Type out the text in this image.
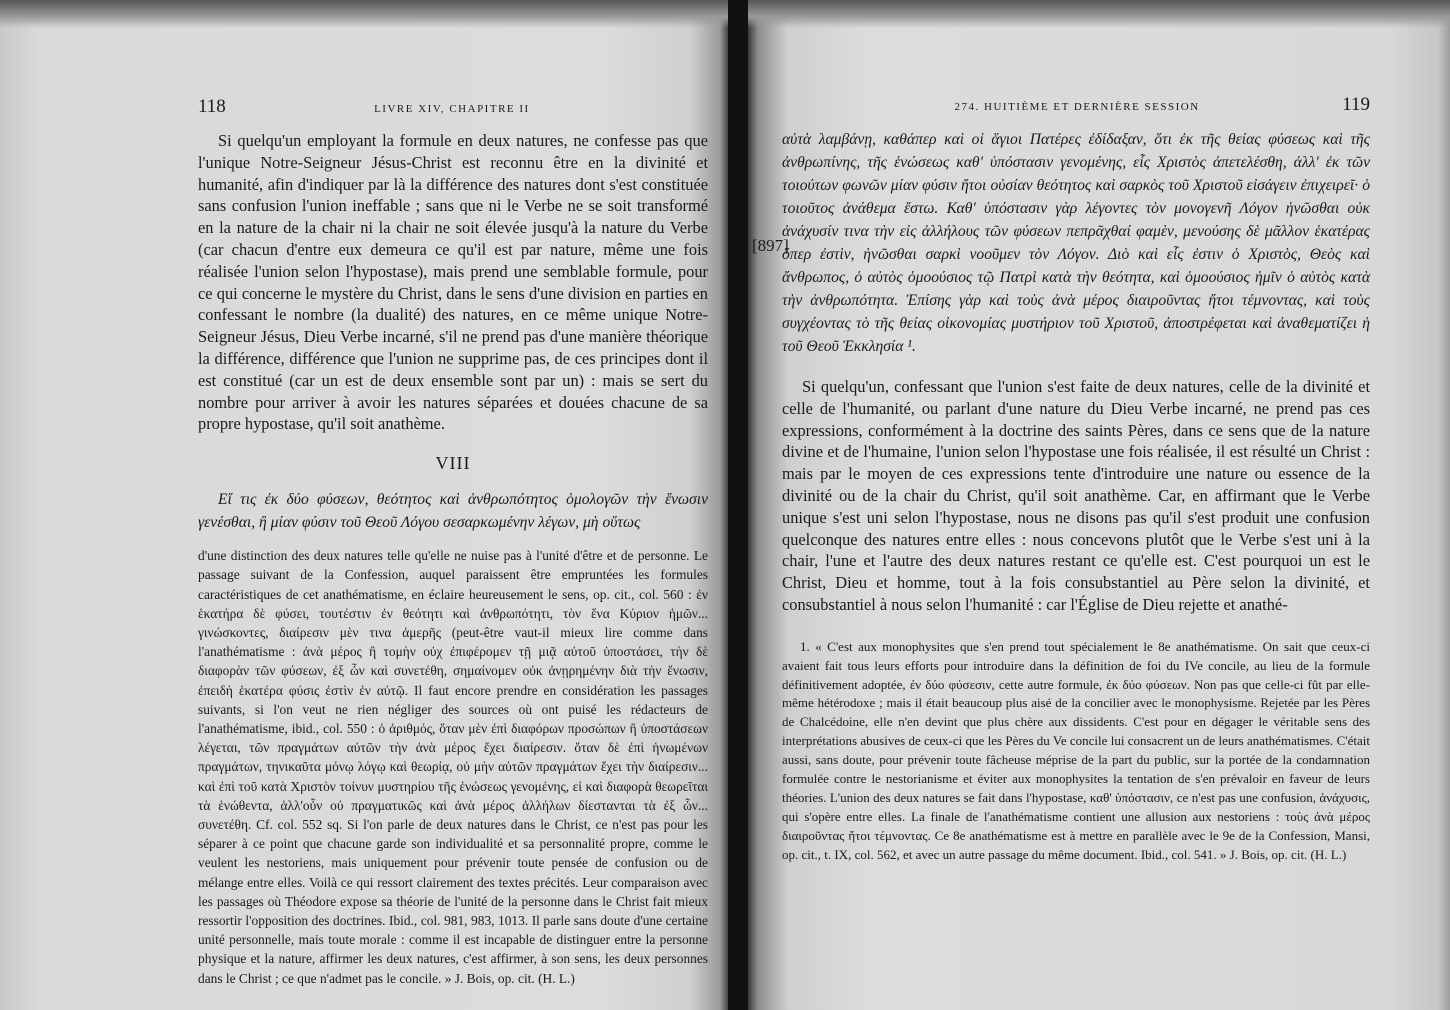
118	LIVRE XIV, CHAPITRE II

Si quelqu'un employant la formule en deux natures, ne confesse pas que l'unique Notre-Seigneur Jésus-Christ est reconnu être en la divinité et humanité, afin d'indiquer par là la différence des natures dont s'est constituée sans confusion l'union ineffable ; sans que ni le Verbe ne se soit transformé en la nature de la chair ni la chair ne soit élevée jusqu'à la nature du Verbe (car chacun d'entre eux demeura ce qu'il est par nature, même une fois réalisée l'union selon l'hypostase), mais prend une semblable formule, pour ce qui concerne le mystère du Christ, dans le sens d'une division en parties en confessant le nombre (la dualité) des natures, en ce même unique Notre-Seigneur Jésus, Dieu Verbe incarné, s'il ne prend pas d'une manière théorique la différence, différence que l'union ne supprime pas, de ces principes dont il est constitué (car un est de deux ensemble sont par un) : mais se sert du nombre pour arriver à avoir les natures séparées et douées chacune de sa propre hypostase, qu'il soit anathème.

VIII

Εἴ τις ἐκ δύο φύσεων, θεότητος καὶ ἀνθρωπότητος ὁμολογῶν τὴν ἕνωσιν γενέσθαι, ἢ μίαν φύσιν τοῦ Θεοῦ Λόγου σεσαρκωμένην λέγων, μὴ οὕτως

d'une distinction des deux natures telle qu'elle ne nuise pas à l'unité d'être et de personne. Le passage suivant de la Confession, auquel paraissent être empruntées les formules caractéristiques de cet anathématisme, en éclaire heureusement le sens, op. cit., col. 560 : ἐν ἑκατήρα δὲ φύσει, τουτέστιν ἐν θεότητι καὶ ἀνθρωπότητι, τὸν ἕνα Κύριον ἡμῶν... γινώσκοντες, διαίρεσιν μὲν τινα ἀμερῆς (peut-être vaut-il mieux lire comme dans l'anathématisme : ἀνὰ μέρος ἢ τομὴν οὐχ ἐπιφέρομεν τῇ μιᾷ αὐτοῦ ὑποστάσει, τὴν δὲ διαφορὰν τῶν φύσεων, ἐξ ὧν καὶ συνετέθη, σημαίνομεν οὐκ ἀνῃρημένην διὰ τὴν ἕνωσιν, ἐπειδὴ ἑκατέρα φύσις ἐστὶν ἐν αὐτῷ. Il faut encore prendre en considération les passages suivants, si l'on veut ne rien négliger des sources où ont puisé les rédacteurs de l'anathématisme, ibid., col. 550 : ὁ ἀριθμός, ὅταν μὲν ἐπὶ διαφόρων προσώπων ἢ ὑποστάσεων λέγεται, τῶν πραγμάτων αὐτῶν τὴν ἀνὰ μέρος ἔχει διαίρεσιν. ὅταν δὲ ἐπὶ ἡνωμένων πραγμάτων, τηνικαῦτα μόνῳ λόγῳ καὶ θεωρίᾳ, οὐ μὴν αὐτῶν πραγμάτων ἔχει τὴν διαίρεσιν... καὶ ἐπὶ τοῦ κατὰ Χριστὸν τοίνυν μυστηρίου τῆς ἑνώσεως γενομένης, εἰ καὶ διαφορὰ θεωρεῖται τὰ ἑνώθεντα, ἀλλ'οὖν οὐ πραγματικῶς καὶ ἀνὰ μέρος ἀλλήλων δίεστανται τὰ ἐξ ὧν... συνετέθη. Cf. col. 552 sq. Si l'on parle de deux natures dans le Christ, ce n'est pas pour les séparer à ce point que chacune garde son individualité et sa personnalité propre, comme le veulent les nestoriens, mais uniquement pour prévenir toute pensée de confusion ou de mélange entre elles. Voilà ce qui ressort clairement des textes précités. Leur comparaison avec les passages où Théodore expose sa théorie de l'unité de la personne dans le Christ fait mieux ressortir l'opposition des doctrines. Ibid., col. 981, 983, 1013. Il parle sans doute d'une certaine unité personnelle, mais toute morale : comme il est incapable de distinguer entre la personne physique et la nature, affirmer les deux natures, c'est affirmer, à son sens, les deux personnes dans le Christ ; ce que n'admet pas le concile. » J. Bois, op. cit. (H. L.)

[897]
274. HUITIÈME ET DERNIÈRE SESSION	119

αὐτὰ λαμβάνῃ, καθάπερ καὶ οἱ ἅγιοι Πατέρες ἐδίδαξαν, ὅτι ἐκ τῆς θείας φύσεως καὶ τῆς ἀνθρωπίνης, τῆς ἑνώσεως καθ' ὑπόστασιν γενομένης, εἷς Χριστὸς ἀπετελέσθη, ἀλλ' ἐκ τῶν τοιούτων φωνῶν μίαν φύσιν ἤτοι οὐσίαν θεότητος καὶ σαρκὸς τοῦ Χριστοῦ εἰσάγειν ἐπιχειρεῖ· ὁ τοιοῦτος ἀνάθεμα ἔστω. Καθ' ὑπόστασιν γὰρ λέγοντες τὸν μονογενῆ Λόγον ἡνῶσθαι οὐκ ἀνάχυσίν τινα τὴν εἰς ἀλλήλους τῶν φύσεων πεπρᾶχθαί φαμὲν, μενούσης δὲ μᾶλλον ἑκατέρας ὅπερ ἐστὶν, ἡνῶσθαι σαρκὶ νοοῦμεν τὸν Λόγον. Διὸ καὶ εἷς ἐστιν ὁ Χριστὸς, Θεὸς καὶ ἄνθρωπος, ὁ αὐτὸς ὁμοούσιος τῷ Πατρὶ κατὰ τὴν θεότητα, καὶ ὁμοούσιος ἡμῖν ὁ αὐτὸς κατὰ τὴν ἀνθρωπότητα. Ἐπίσης γὰρ καὶ τοὺς ἀνὰ μέρος διαιροῦντας ἤτοι τέμνοντας, καὶ τοὺς συγχέοντας τὸ τῆς θείας οἰκονομίας μυστήριον τοῦ Χριστοῦ, ἀποστρέφεται καὶ ἀναθεματίζει ἡ τοῦ Θεοῦ Ἐκκλησία ¹.

Si quelqu'un, confessant que l'union s'est faite de deux natures, celle de la divinité et celle de l'humanité, ou parlant d'une nature du Dieu Verbe incarné, ne prend pas ces expressions, conformément à la doctrine des saints Pères, dans ce sens que de la nature divine et de l'humaine, l'union selon l'hypostase une fois réalisée, il est résulté un Christ : mais par le moyen de ces expressions tente d'introduire une nature ou essence de la divinité ou de la chair du Christ, qu'il soit anathème. Car, en affirmant que le Verbe unique s'est uni selon l'hypostase, nous ne disons pas qu'il s'est produit une confusion quelconque des natures entre elles : nous concevons plutôt que le Verbe s'est uni à la chair, l'une et l'autre des deux natures restant ce qu'elle est. C'est pourquoi un est le Christ, Dieu et homme, tout à la fois consubstantiel au Père selon la divinité, et consubstantiel à nous selon l'humanité : car l'Église de Dieu rejette et anathé-

1. « C'est aux monophysites que s'en prend tout spécialement le 8e anathématisme. On sait que ceux-ci avaient fait tous leurs efforts pour introduire dans la définition de foi du IVe concile, au lieu de la formule définitivement adoptée, ἐν δύο φύσεσιν, cette autre formule, ἐκ δύο φύσεων. Non pas que celle-ci fût par elle-même hétérodoxe ; mais il était beaucoup plus aisé de la concilier avec le monophysisme. Rejetée par les Pères de Chalcédoine, elle n'en devint que plus chère aux dissidents. C'est pour en dégager le véritable sens des interprétations abusives de ceux-ci que les Pères du Ve concile lui consacrent un de leurs anathématismes. C'était aussi, sans doute, pour prévenir toute fâcheuse méprise de la part du public, sur la portée de la condamnation formulée contre le nestorianisme et éviter aux monophysites la tentation de s'en prévaloir en faveur de leurs théories. L'union des deux natures se fait dans l'hypostase, καθ' ὑπόστασιν, ce n'est pas une confusion, ἀνάχυσις, qui s'opère entre elles. La finale de l'anathématisme contient une allusion aux nestoriens : τοὺς ἀνὰ μέρος διαιροῦντας ἤτοι τέμνοντας. Ce 8e anathématisme est à mettre en parallèle avec le 9e de la Confession, Mansi, op. cit., t. IX, col. 562, et avec un autre passage du même document. Ibid., col. 541. » J. Bois, op. cit. (H. L.)
